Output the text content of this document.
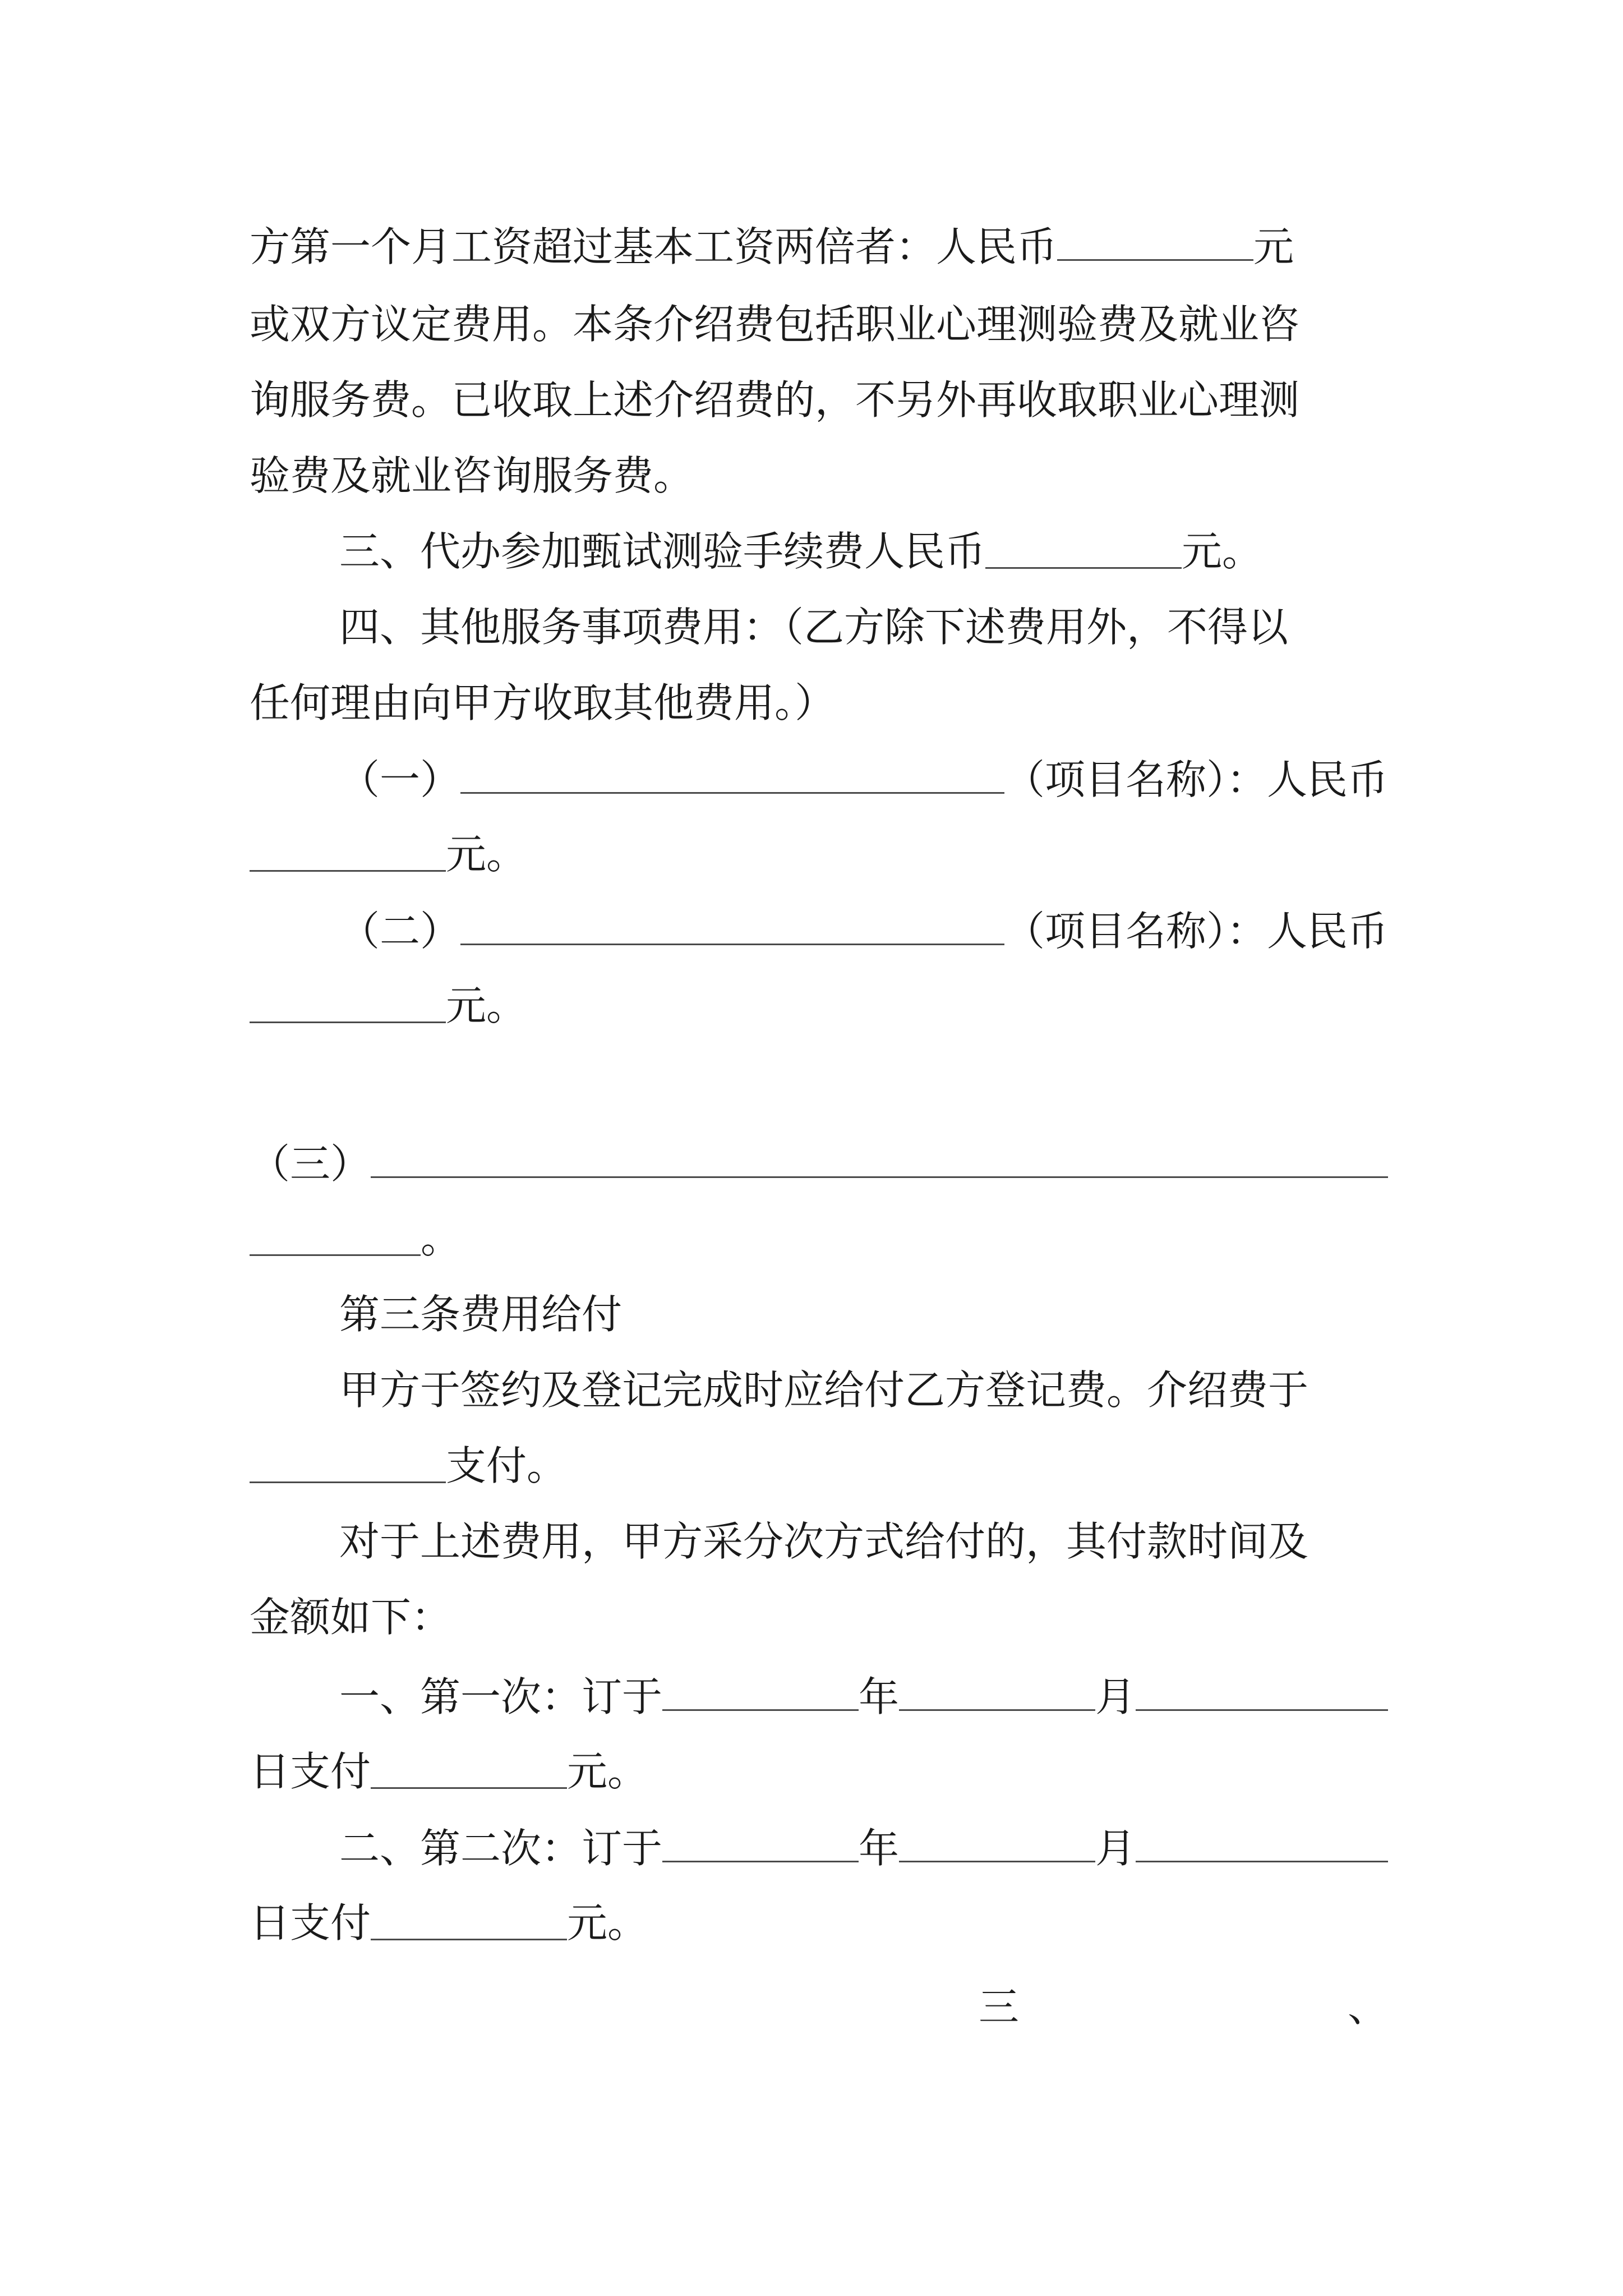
方第一个月工资超过基本工资两倍者：人民币	元
或双方议定费用。本条介绍费包括职业心理测验费及就业咨
询服务费。已收取上述介绍费的，不另外再收取职业心理测
验费及就业咨询服务费。
三、代办参加甄试测验手续费人民币	元。
四、其他服务事项费用：（乙方除下述费用外，不得以
任何理由向甲方收取其他费用。）
（一）	（项目名称）：人民币
元。
（二）	（项目名称）：人民币
元。
（三）
。
第三条费用给付
甲方于签约及登记完成时应给付乙方登记费。介绍费于
支付。
对于上述费用，甲方采分次方式给付的，其付款时间及
金额如下：
一、第一次：订于	年	月
日支付	元。
二、第二次：订于	年	月
日支付	元。
三	、
